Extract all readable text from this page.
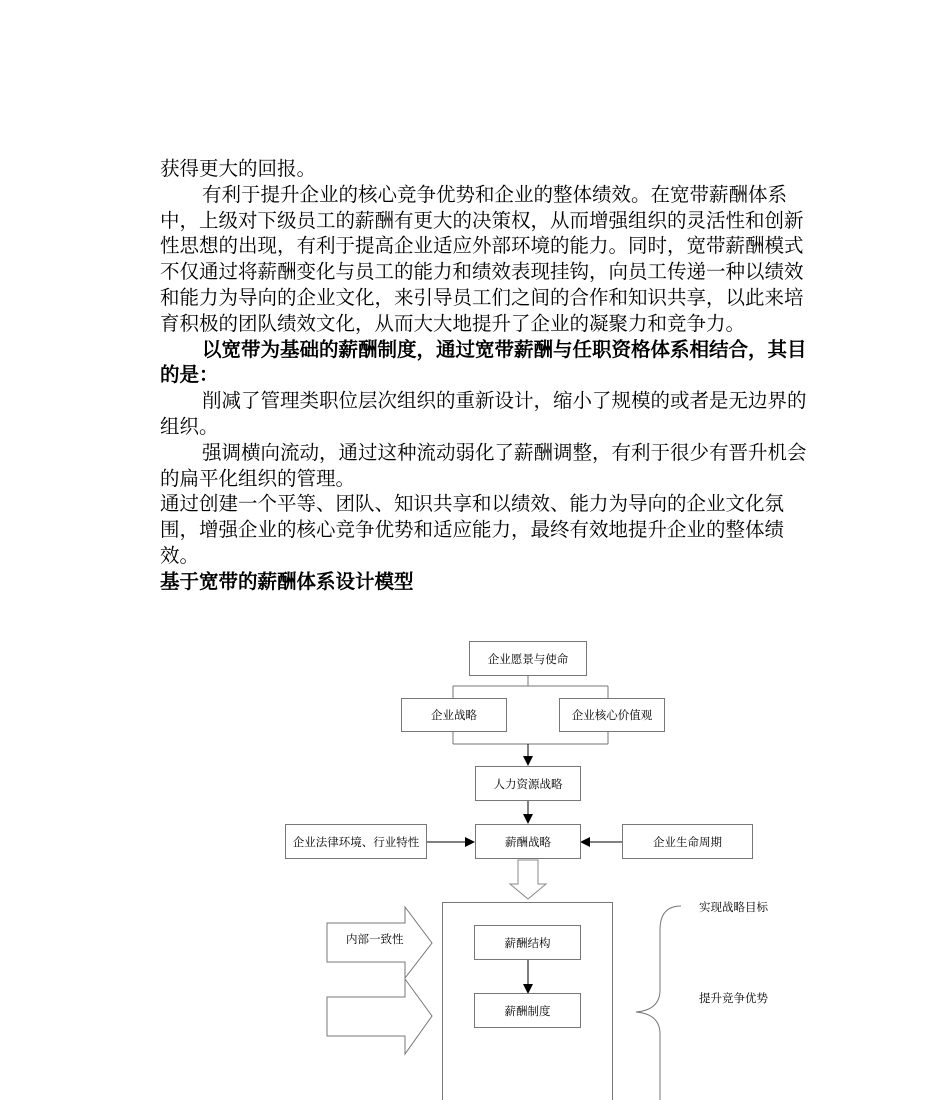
获得更大的回报。

有利于提升企业的核心竞争优势和企业的整体绩效。在宽带薪酬体系中，上级对下级员工的薪酬有更大的决策权，从而增强组织的灵活性和创新性思想的出现，有利于提高企业适应外部环境的能力。同时，宽带薪酬模式不仅通过将薪酬变化与员工的能力和绩效表现挂钩，向员工传递一种以绩效和能力为导向的企业文化，来引导员工们之间的合作和知识共享，以此来培育积极的团队绩效文化，从而大大地提升了企业的凝聚力和竞争力。

以宽带为基础的薪酬制度，通过宽带薪酬与任职资格体系相结合，其目的是：

削减了管理类职位层次组织的重新设计，缩小了规模的或者是无边界的组织。

强调横向流动，通过这种流动弱化了薪酬调整，有利于很少有晋升机会的扁平化组织的管理。

通过创建一个平等、团队、知识共享和以绩效、能力为导向的企业文化氛围，增强企业的核心竞争优势和适应能力，最终有效地提升企业的整体绩效。

基于宽带的薪酬体系设计模型

企业愿景与使命
企业战略	企业核心价值观
人力资源战略
企业法律环境、行业特性	薪酬战略	企业生命周期
薪酬结构
薪酬制度
内部一致性
实现战略目标
提升竞争优势
